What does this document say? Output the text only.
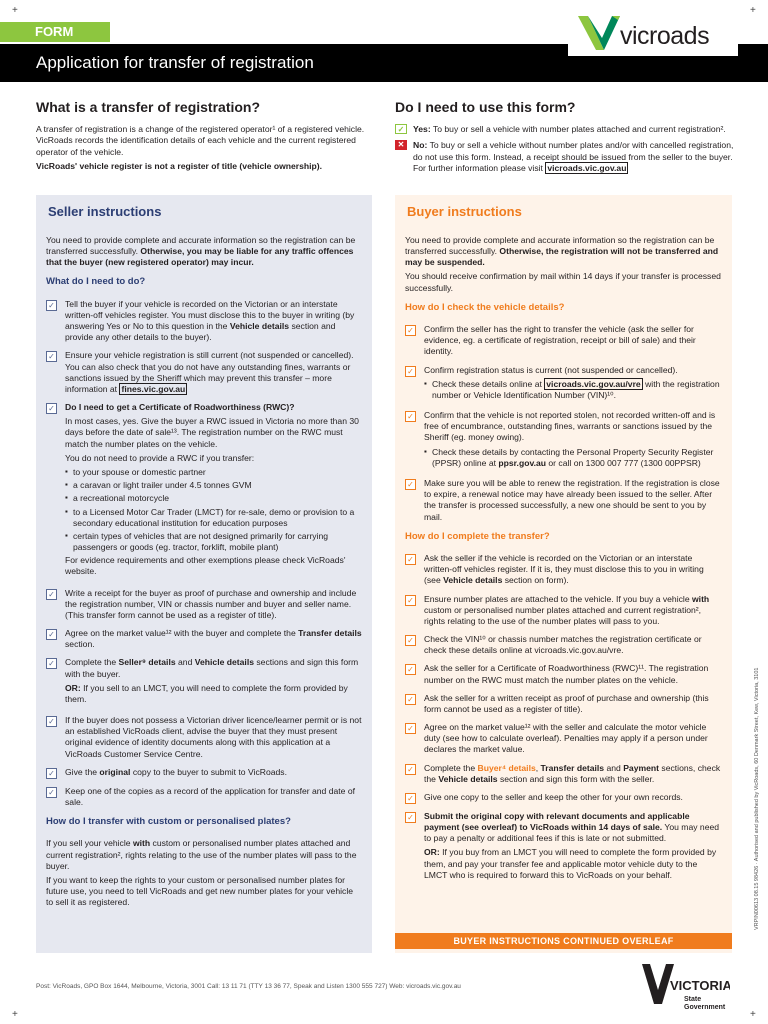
FORM
Application for transfer of registration
vicroads
+	+
+	+
What is a transfer of registration?

A transfer of registration is a change of the registered operator¹ of a registered vehicle. VicRoads records the identification details of each vehicle and the current registered operator of the vehicle.

VicRoads' vehicle register is not a register of title (vehicle ownership).

Do I need to use this form?
✓	Yes: To buy or sell a vehicle with number plates attached and current registration².
✕	No: To buy or sell a vehicle without number plates and/or with cancelled registration, do not use this form. Instead, a receipt should be issued from the seller to the buyer. For further information please visit vicroads.vic.gov.au
Seller instructions

You need to provide complete and accurate information so the registration can be transferred successfully. Otherwise, you may be liable for any traffic offences that the buyer (new registered operator) may incur.

What do I need to do?
✓ Tell the buyer if your vehicle is recorded on the Victorian or an interstate written-off vehicles register. You must disclose this to the buyer in writing (by answering Yes or No to this question in the Vehicle details section and provide any other details to the buyer).
✓ Ensure your vehicle registration is still current (not suspended or cancelled). You can also check that you do not have any outstanding fines, warrants or sanctions issued by the Sheriff which may prevent this transfer – more information at fines.vic.gov.au
✓ Do I need to get a Certificate of Roadworthiness (RWC)?

In most cases, yes. Give the buyer a RWC issued in Victoria no more than 30 days before the date of sale¹³. The registration number on the RWC must match the number plates on the vehicle.

You do not need to provide a RWC if you transfer:

▪ to your spouse or domestic partner
▪ a caravan or light trailer under 4.5 tonnes GVM
▪ a recreational motorcycle
▪ to a Licensed Motor Car Trader (LMCT) for re-sale, demo or provision to a secondary educational institution for education purposes
▪ certain types of vehicles that are not designed primarily for carrying passengers or goods (eg. tractor, forklift, mobile plant)

For evidence requirements and other exemptions please check VicRoads' website.

✓ Write a receipt for the buyer as proof of purchase and ownership and include the registration number, VIN or chassis number and buyer and seller name. (This transfer form cannot be used as a register of title).
✓ Agree on the market value¹² with the buyer and complete the Transfer details section.
✓ Complete the Seller⁹ details and Vehicle details sections and sign this form with the buyer.

OR: If you sell to an LMCT, you will need to complete the form provided by them.

✓ If the buyer does not possess a Victorian driver licence/learner permit or is not an established VicRoads client, advise the buyer that they must present original evidence of identity documents along with this application at a VicRoads Customer Service Centre.
✓ Give the original copy to the buyer to submit to VicRoads.
✓ Keep one of the copies as a record of the application for transfer and date of sale.
How do I transfer with custom or personalised plates?

If you sell your vehicle with custom or personalised number plates attached and current registration², rights relating to the use of the number plates will pass to the buyer.

If you want to keep the rights to your custom or personalised number plates for future use, you need to tell VicRoads and get new number plates for your vehicle to sell it as registered.

Buyer instructions

You need to provide complete and accurate information so the registration can be transferred successfully. Otherwise, the registration will not be transferred and may be suspended.

You should receive confirmation by mail within 14 days if your transfer is processed successfully.

How do I check the vehicle details?
✓ Confirm the seller has the right to transfer the vehicle (ask the seller for evidence, eg. a certificate of registration, receipt or bill of sale) and their identity.
✓ Confirm registration status is current (not suspended or cancelled).

▪ Check these details online at vicroads.vic.gov.au/vre with the registration number or Vehicle Identification Number (VIN)¹⁰.
✓ Confirm that the vehicle is not reported stolen, not recorded written-off and is free of encumbrance, outstanding fines, warrants or sanctions issued by the Sheriff (eg. money owing).

▪ Check these details by contacting the Personal Property Security Register (PPSR) online at ppsr.gov.au or call on 1300 007 777 (1300 00PPSR)
✓ Make sure you will be able to renew the registration. If the registration is close to expire, a renewal notice may have already been issued to the seller. After the transfer is processed successfully, a new one should be sent to you by mail.
How do I complete the transfer?
✓ Ask the seller if the vehicle is recorded on the Victorian or an interstate written-off vehicles register. If it is, they must disclose this to you in writing (see Vehicle details section on form).
✓ Ensure number plates are attached to the vehicle. If you buy a vehicle with custom or personalised number plates attached and current registration², rights relating to the use of the number plates will pass to you.
✓ Check the VIN¹⁰ or chassis number matches the registration certificate or check these details online at vicroads.vic.gov.au/vre.
✓ Ask the seller for a Certificate of Roadworthiness (RWC)¹¹. The registration number on the RWC must match the number plates on the vehicle.
✓ Ask the seller for a written receipt as proof of purchase and ownership (this form cannot be used as a register of title).
✓ Agree on the market value¹² with the seller and calculate the motor vehicle duty (see how to calculate overleaf). Penalties may apply if a person under declares the market value.
✓ Complete the Buyer⁴ details, Transfer details and Payment sections, check the Vehicle details section and sign this form with the seller.
✓ Give one copy to the seller and keep the other for your own records.
✓ Submit the original copy with relevant documents and applicable payment (see overleaf) to VicRoads within 14 days of sale. You may need to pay a penalty or additional fees if this is late or not submitted.

OR: If you buy from an LMCT you will need to complete the form provided by them, and pay your transfer fee and applicable motor vehicle duty to the LMCT who is required to forward this to VicRoads on your behalf.

BUYER INSTRUCTIONS CONTINUED OVERLEAF
VRPIN00613 08.15 98426 · Authorised and published by VicRoads, 60 Denmark Street, Kew, Victoria, 3101
Post: VicRoads, GPO Box 1644, Melbourne, Victoria, 3001 Call: 13 11 71 (TTY 13 36 77, Speak and Listen 1300 555 727) Web: vicroads.vic.gov.au	VICTORIA
State
Government
